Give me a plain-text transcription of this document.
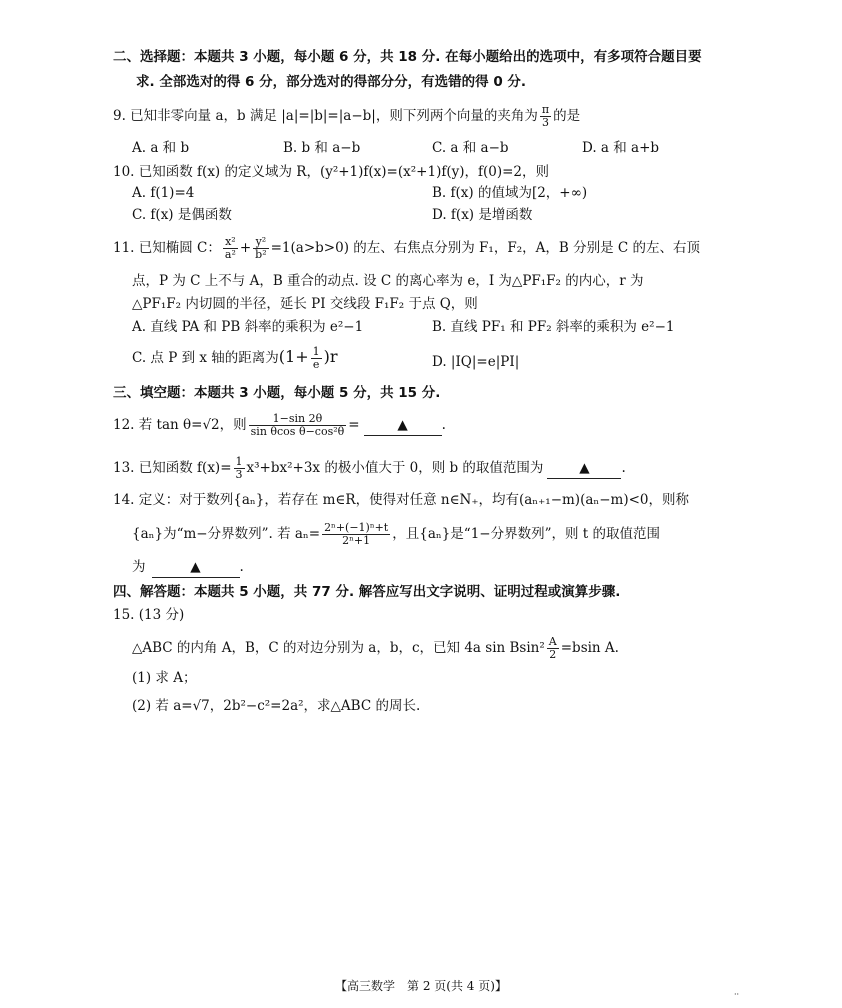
二、选择题：本题共 3 小题，每小题 6 分，共 18 分. 在每小题给出的选项中，有多项符合题目要
求. 全部选对的得 6 分，部分选对的得部分分，有选错的得 0 分.
9. 已知非零向量 a，b 满足 |a|=|b|=|a−b|，则下列两个向量的夹角为 $\frac{\pi}{3}$ 的是
A. a 和 b	B. b 和 a−b	C. a 和 a−b	D. a 和 a+b
10. 已知函数 f(x) 的定义域为 R，(y²+1)f(x)=(x²+1)f(y)，f(0)=2，则
A. f(1)=4	B. f(x) 的值域为[2，+∞)
C. f(x) 是偶函数	D. f(x) 是增函数
11. 已知椭圆 C： $\frac{\text{x²}}{\text{a²}} + \frac{\text{y²}}{\text{b²}} =1(a>b>0)$ 的左、右焦点分别为 F₁，F₂，A，B 分别是 C 的左、右顶
点，P 为 C 上不与 A，B 重合的动点. 设 C 的离心率为 e，I 为△PF₁F₂ 的内心，r 为
△PF₁F₂ 内切圆的半径，延长 PI 交线段 F₁F₂ 于点 Q，则
A. 直线 PA 和 PB 斜率的乘积为 e²−1	B. 直线 PF₁ 和 PF₂ 斜率的乘积为 e²−1
C. 点 P 到 x 轴的距离为$(1+ \frac{1}{e} )r$	D. |IQ|=e|PI|
三、填空题：本题共 3 小题，每小题 5 分，共 15 分.
12. 若 tan θ=√2，则 $\frac{1-\sin 2\theta}{\text{sin θcos θ−cos²θ}}$ =	▲	.
13. 已知函数 $f(x)= \frac{1}{3} x^3+bx^2+3x$ 的极小值大于 0，则 b 的取值范围为	▲ .
14. 定义：对于数列{aₙ}，若存在 m∈R，使得对任意 n∈N₊，均有(aₙ₊₁−m)(aₙ−m)<0，则称
{aₙ}为“m−分界数列”. 若 $a_n= \frac{\text{2ⁿ+(−1)ⁿ+t}}{\text{2ⁿ+1}}$ ，且{aₙ}是“1−分界数列”，则 t 的取值范围
为	▲	.
四、解答题：本题共 5 小题，共 77 分. 解答应写出文字说明、证明过程或演算步骤.
15. (13 分)
△ABC 的内角 A，B，C 的对边分别为 a，b，c，已知 4a $\sin Bsin^2 \frac{A}{2} =bsin$ A.
(1) 求 A；
(2) 若 a=√7，2b²−c²=2a²，求△ABC 的周长.
【高三数学　第 2 页(共 4 页)】
··
